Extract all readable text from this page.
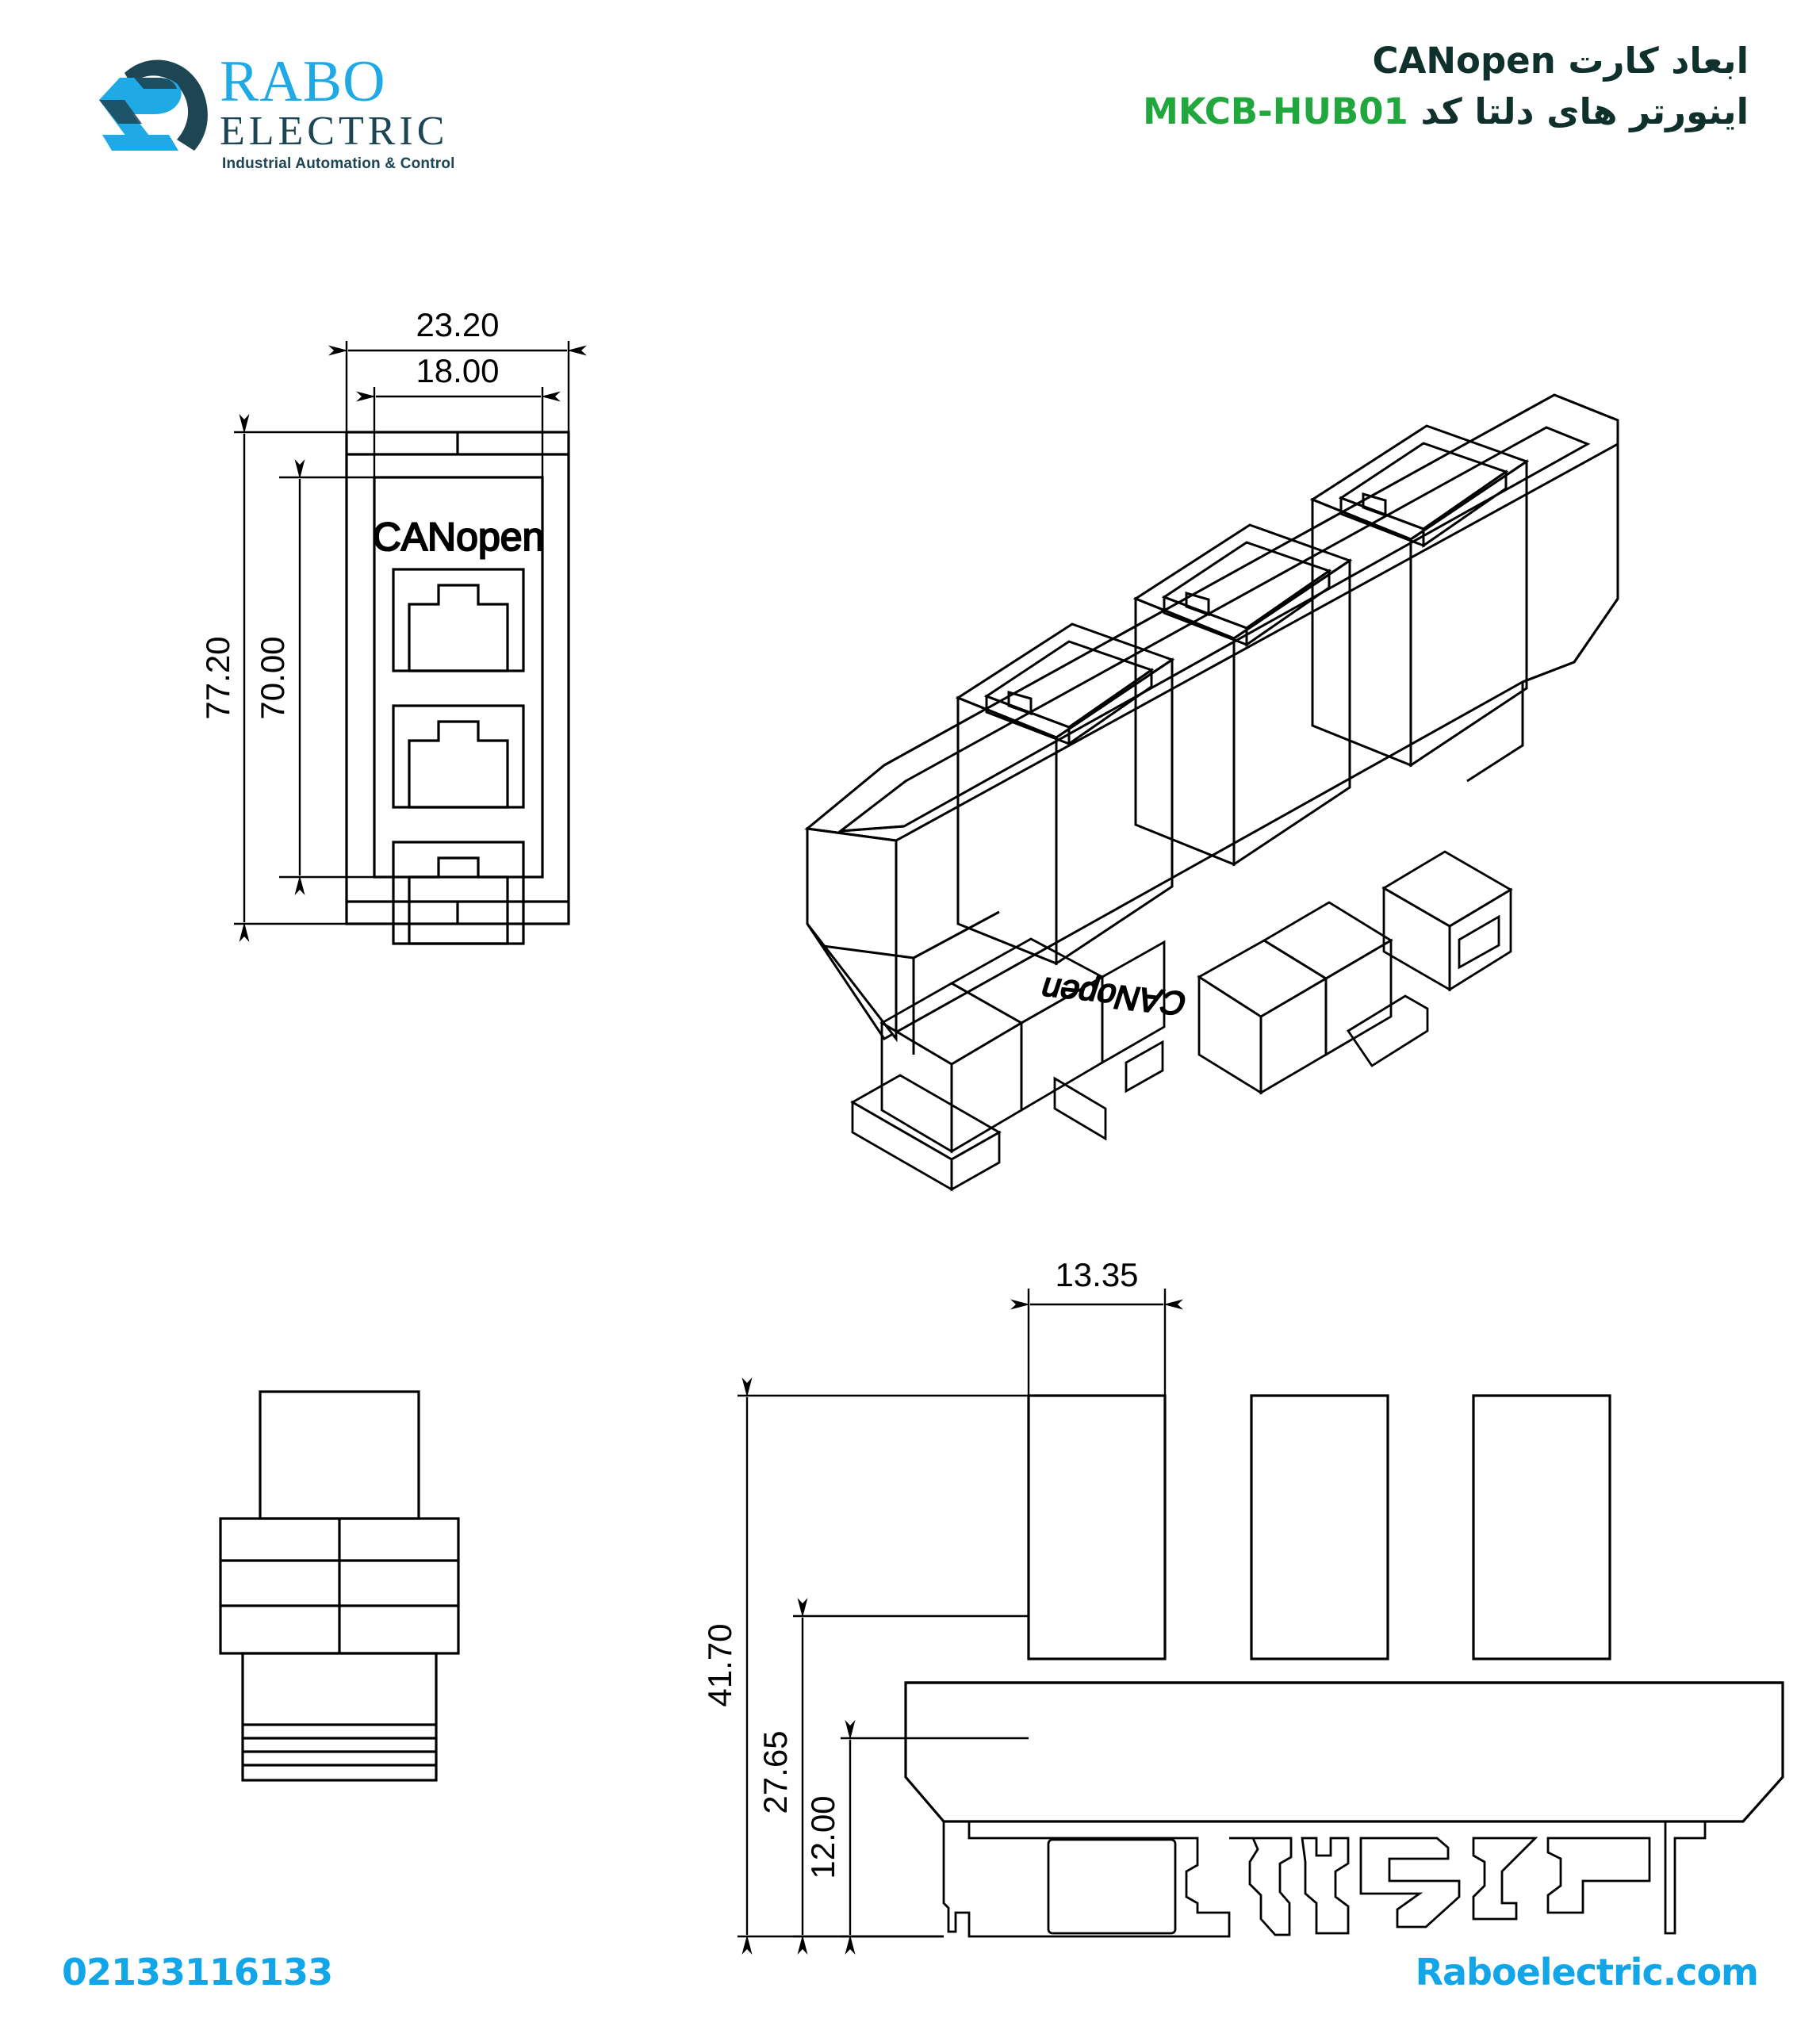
RABO
ELECTRIC
Industrial Automation & Control
ابعاد کارت CANopen
اینورتر های دلتا کد MKCB-HUB01
CANopen
23.20
18.00
77.20 70.00
CANopen
13.35
41.70
27.65
12.00
02133116133	Raboelectric.com
